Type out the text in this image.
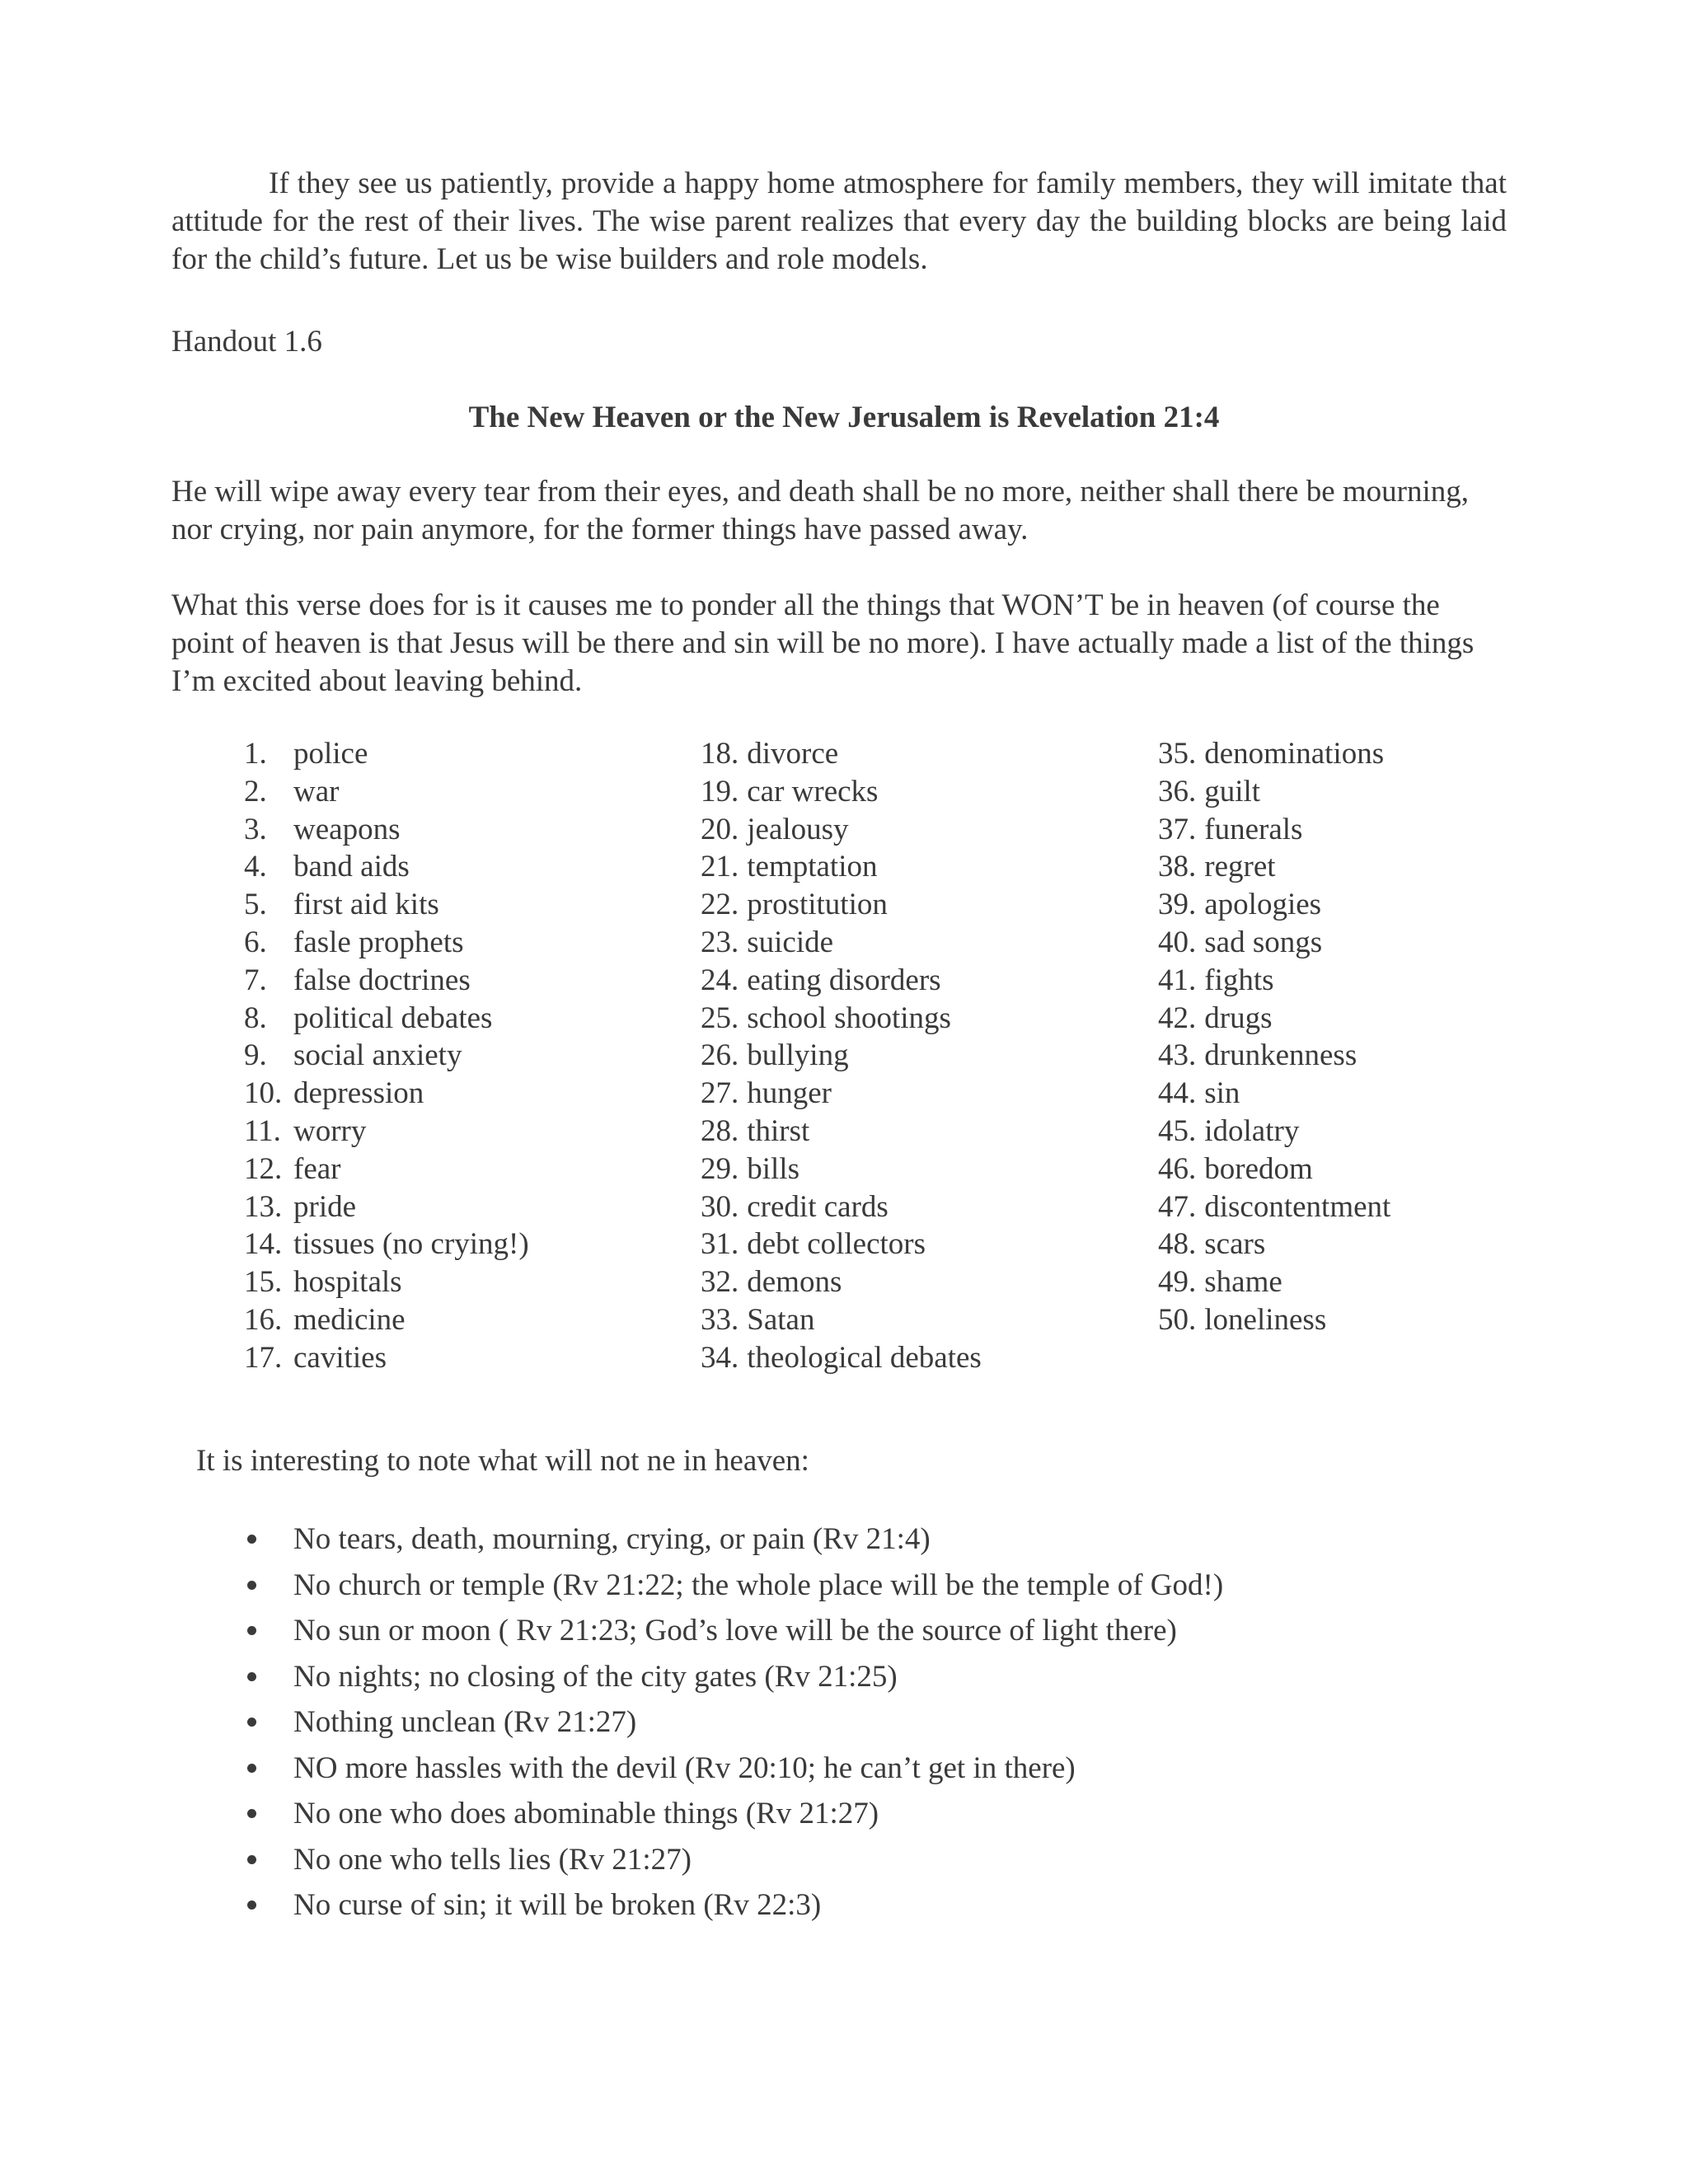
If they see us patiently, provide a happy home atmosphere for family members, they will imitate that attitude for the rest of their lives. The wise parent realizes that every day the building blocks are being laid for the child’s future. Let us be wise builders and role models.

Handout 1.6

The New Heaven or the New Jerusalem is Revelation 21:4

He will wipe away every tear from their eyes, and death shall be no more, neither shall there be mourning, nor crying, nor pain anymore, for the former things have passed away.

What this verse does for is it causes me to ponder all the things that WON’T be in heaven (of course the point of heaven is that Jesus will be there and sin will be no more). I have actually made a list of the things I’m excited about leaving behind.

1. police
2. war
3. weapons
4. band aids
5. first aid kits
6. fasle prophets
7. false doctrines
8. political debates
9. social anxiety
10. depression
11. worry
12. fear
13. pride
14. tissues (no crying!)
15. hospitals
16. medicine
17. cavities
18. divorce
19. car wrecks
20. jealousy
21. temptation
22. prostitution
23. suicide
24. eating disorders
25. school shootings
26. bullying
27. hunger
28. thirst
29. bills
30. credit cards
31. debt collectors
32. demons
33. Satan
34. theological debates
35. denominations
36. guilt
37. funerals
38. regret
39. apologies
40. sad songs
41. fights
42. drugs
43. drunkenness
44. sin
45. idolatry
46. boredom
47. discontentment
48. scars
49. shame
50. loneliness

It is interesting to note what will not ne in heaven:

No tears, death, mourning, crying, or pain (Rv 21:4)
No church or temple (Rv 21:22; the whole place will be the temple of God!)
No sun or moon ( Rv 21:23; God’s love will be the source of light there)
No nights; no closing of the city gates (Rv 21:25)
Nothing unclean (Rv 21:27)
NO more hassles with the devil (Rv 20:10; he can’t get in there)
No one who does abominable things (Rv 21:27)
No one who tells lies (Rv 21:27)
No curse of sin; it will be broken (Rv 22:3)
